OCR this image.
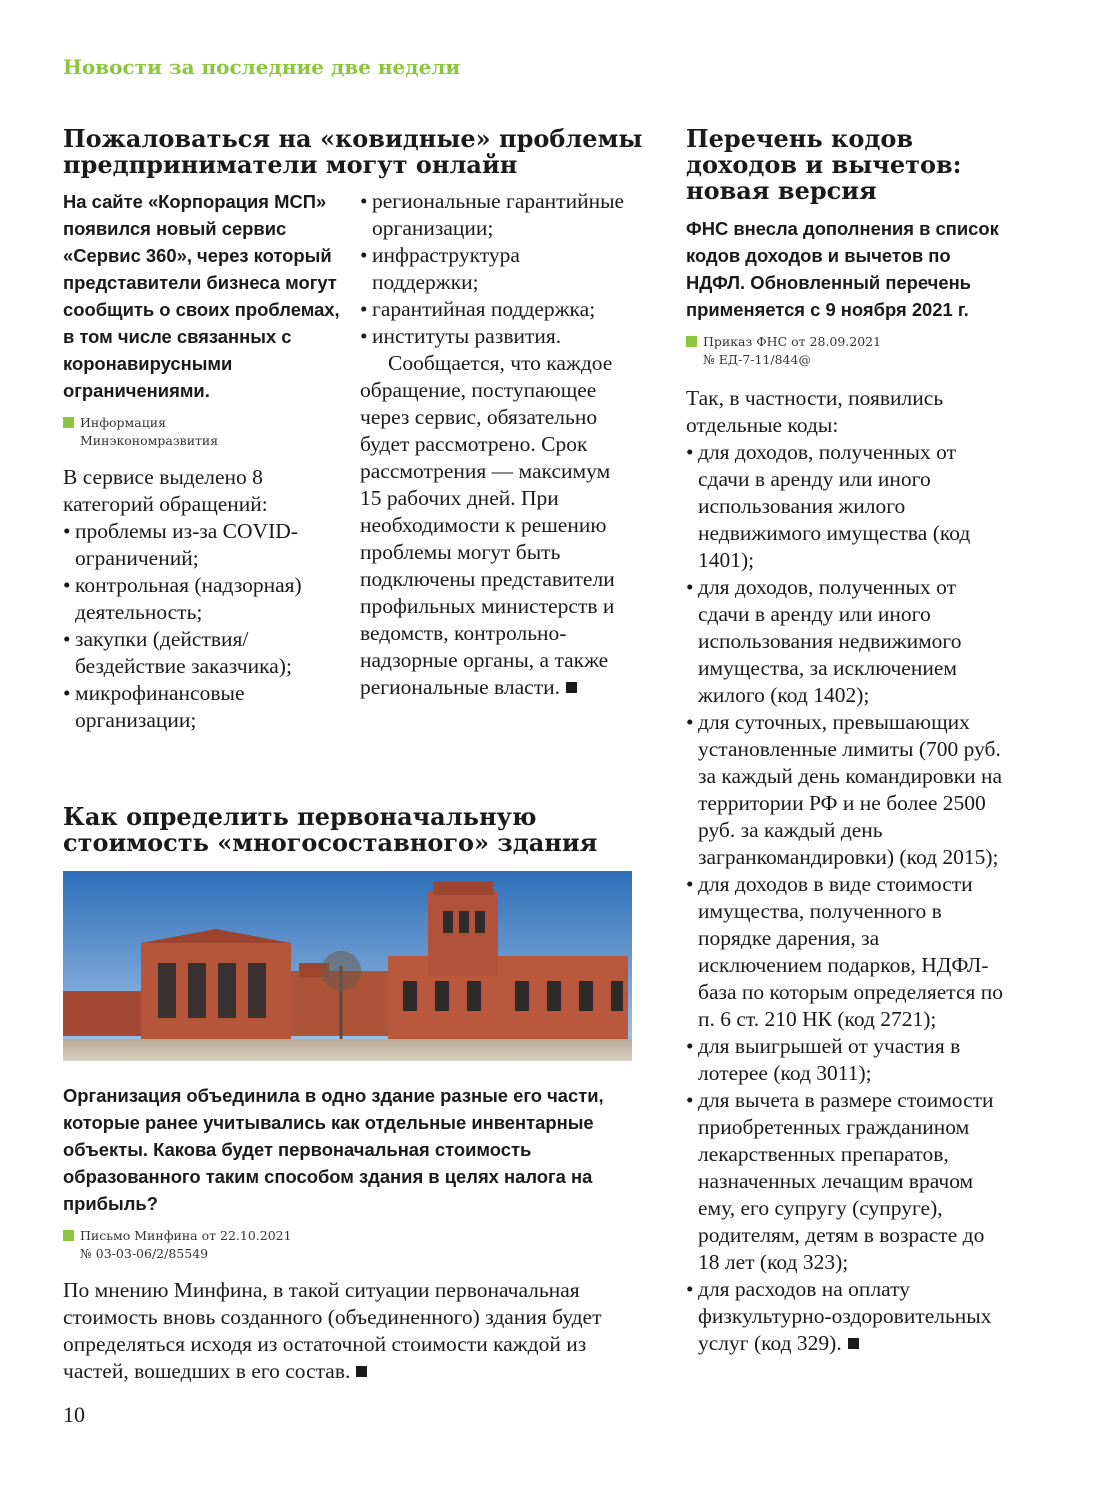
Новости за последние две недели
Пожаловаться на «ковидные» проблемы
предприниматели могут онлайн

На сайте «Корпорация МСП» появился новый сервис «Сервис 360», через который представители бизнеса могут сообщить о своих проблемах, в том числе связанных с коронавирусными ограничениями.

Информация
Минэкономразвития

В сервисе выделено 8 категорий обращений:

• проблемы из-за COVID-ограничений;
• контрольная (надзорная) деятельность;
• закупки (действия/бездействие заказчика);
• микрофинансовые организации;
• региональные гарантийные организации;
• инфраструктура поддержки;
• гарантийная поддержка;
• институты развития.

Сообщается, что каждое обращение, поступающее через сервис, обязательно будет рассмотрено. Срок рассмотрения — максимум 15 рабочих дней. При необходимости к решению проблемы могут быть подключены представители профильных министерств и ведомств, контрольно-надзорные органы, а также региональные власти.

Как определить первоначальную
стоимость «многосоставного» здания

Организация объединила в одно здание разные его части, которые ранее учитывались как отдельные инвентарные объекты. Какова будет первоначальная стоимость образованного таким способом здания в целях налога на прибыль?

Письмо Минфина от 22.10.2021
№ 03-03-06/2/85549

По мнению Минфина, в такой ситуации первоначальная стоимость вновь созданного (объединенного) здания будет определяться исходя из остаточной стоимости каждой из частей, вошедших в его состав.

Перечень кодов
доходов и вычетов:
новая версия

ФНС внесла дополнения в список кодов доходов и вычетов по НДФЛ. Обновленный перечень применяется с 9 ноября 2021 г.

Приказ ФНС от 28.09.2021
№ ЕД-7-11/844@

Так, в частности, появились отдельные коды:

• для доходов, полученных от сдачи в аренду или иного использования жилого недвижимого имущества (код 1401);
• для доходов, полученных от сдачи в аренду или иного использования недвижимого имущества, за исключением жилого (код 1402);
• для суточных, превышающих установленные лимиты (700 руб. за каждый день командировки на территории РФ и не более 2500 руб. за каждый день загранкомандировки) (код 2015);
• для доходов в виде стоимости имущества, полученного в порядке дарения, за исключением подарков, НДФЛ-база по которым определяется по п. 6 ст. 210 НК (код 2721);
• для выигрышей от участия в лотерее (код 3011);
• для вычета в размере стоимости приобретенных гражданином лекарственных препаратов, назначенных лечащим врачом ему, его супругу (супруге), родителям, детям в возрасте до 18 лет (код 323);
• для расходов на оплату физкультурно-оздоровительных услуг (код 329).
10
